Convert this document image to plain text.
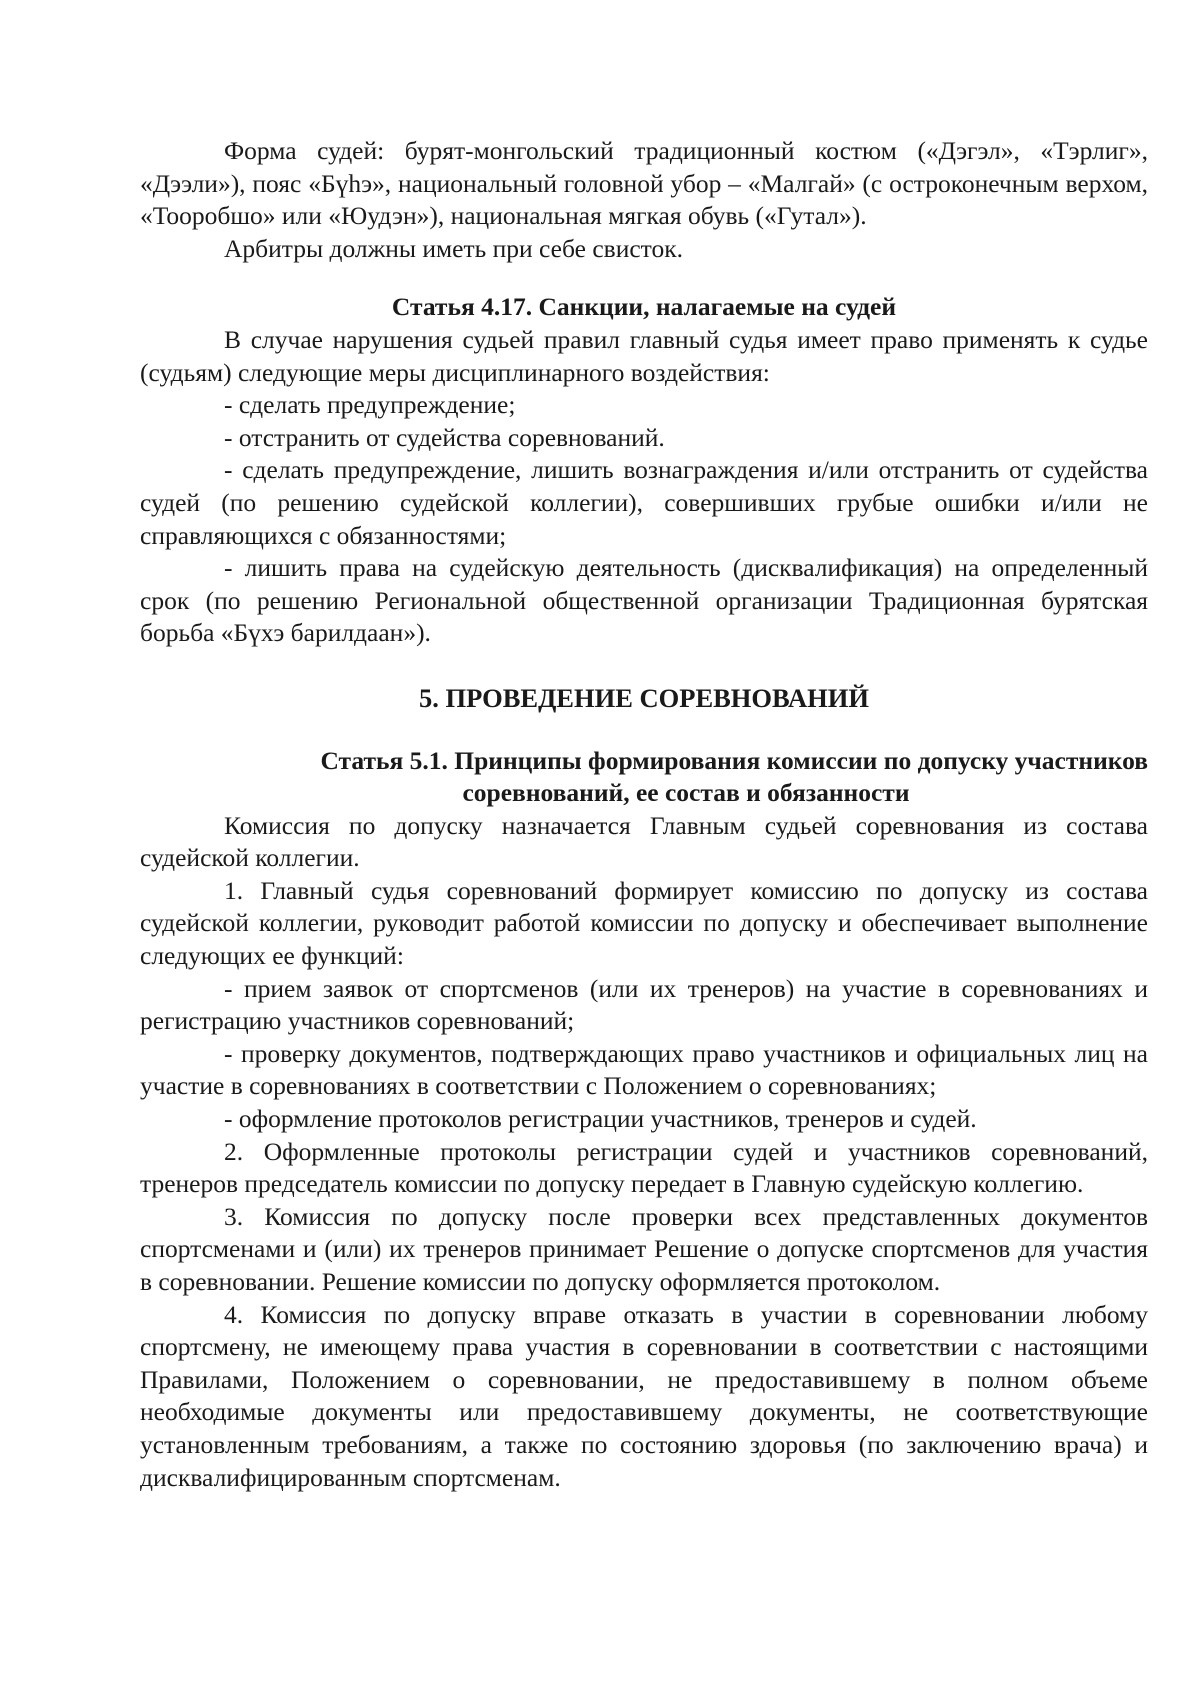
Форма судей: бурят-монгольский традиционный костюм («Дэгэл», «Тэрлиг», «Дээли»), пояс «Бүһэ», национальный головной убор – «Малгай» (с остроконечным верхом, «Тооробшо» или «Юудэн»), национальная мягкая обувь («Гутал»).

Арбитры должны иметь при себе свисток.

Статья 4.17. Санкции, налагаемые на судей

В случае нарушения судьей правил главный судья имеет право применять к судье (судьям) следующие меры дисциплинарного воздействия:

- сделать предупреждение;

- отстранить от судейства соревнований.

- сделать предупреждение, лишить вознаграждения и/или отстранить от судейства судей (по решению судейской коллегии), совершивших грубые ошибки и/или не справляющихся с обязанностями;

- лишить права на судейскую деятельность (дисквалификация) на определенный срок (по решению Региональной общественной организации Традиционная бурятская борьба «Бүхэ барилдаан»).

5. ПРОВЕДЕНИЕ СОРЕВНОВАНИЙ
Статья 5.1. Принципы формирования комиссии по допуску участников
соревнований, ее состав и обязанности

Комиссия по допуску назначается Главным судьей соревнования из состава судейской коллегии.

1. Главный судья соревнований формирует комиссию по допуску из состава судейской коллегии, руководит работой комиссии по допуску и обеспечивает выполнение следующих ее функций:

- прием заявок от спортсменов (или их тренеров) на участие в соревнованиях и регистрацию участников соревнований;

- проверку документов, подтверждающих право участников и официальных лиц на участие в соревнованиях в соответствии с Положением о соревнованиях;

- оформление протоколов регистрации участников, тренеров и судей.

2. Оформленные протоколы регистрации судей и участников соревнований, тренеров председатель комиссии по допуску передает в Главную судейскую коллегию.

3. Комиссия по допуску после проверки всех представленных документов спортсменами и (или) их тренеров принимает Решение о допуске спортсменов для участия в соревновании. Решение комиссии по допуску оформляется протоколом.

4. Комиссия по допуску вправе отказать в участии в соревновании любому спортсмену, не имеющему права участия в соревновании в соответствии с настоящими Правилами, Положением о соревновании, не предоставившему в полном объеме необходимые документы или предоставившему документы, не соответствующие установленным требованиям, а также по состоянию здоровья (по заключению врача) и дисквалифицированным спортсменам.
